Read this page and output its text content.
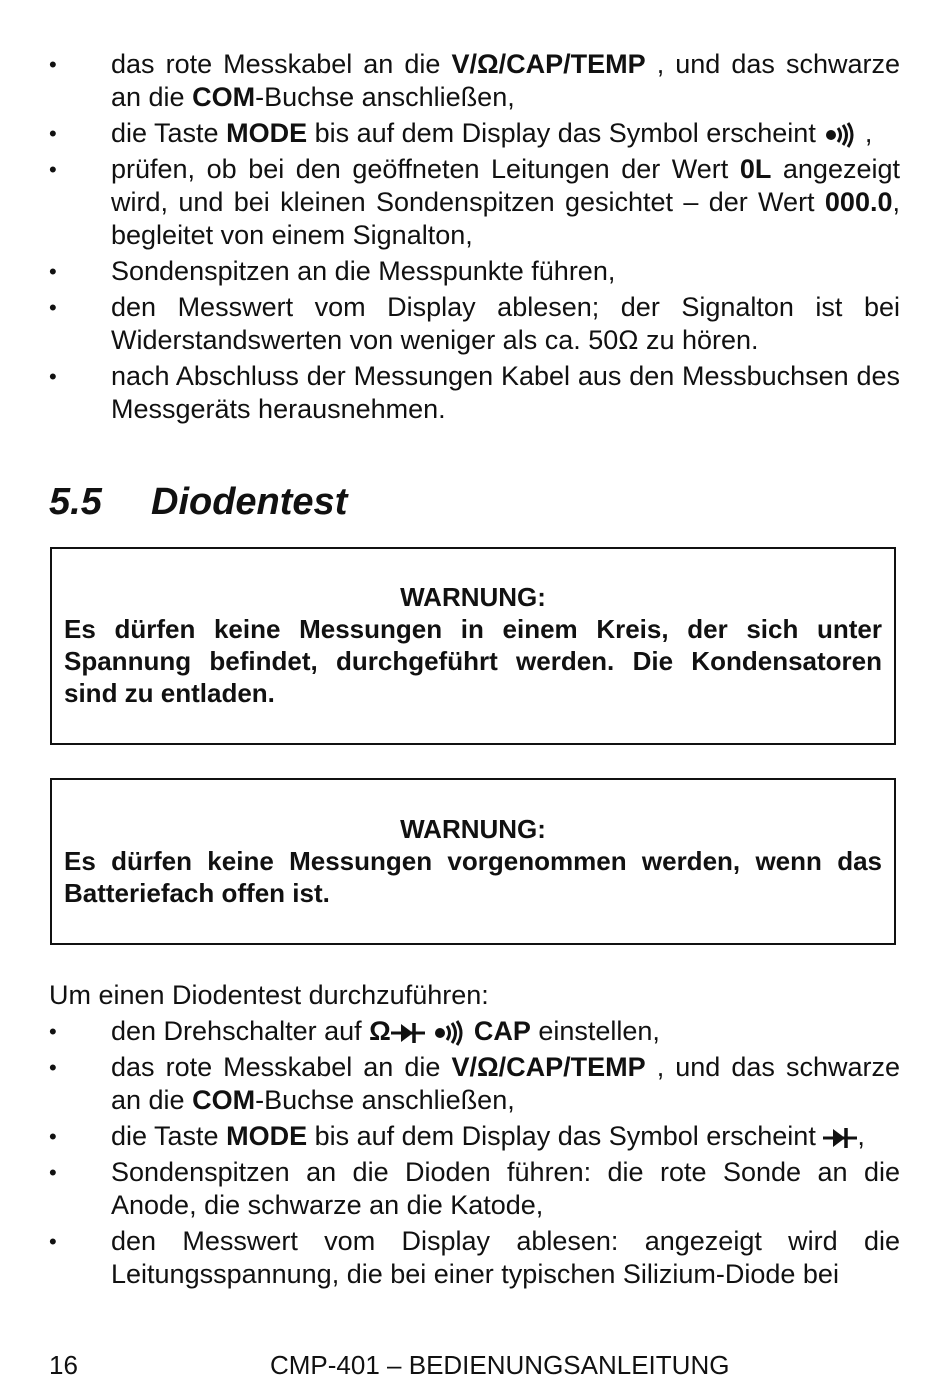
• das rote Messkabel an die V/Ω/CAP/TEMP , und das schwarze an die COM-Buchse anschließen,
• die Taste MODE bis auf dem Display das Symbol erscheint  ,
• prüfen, ob bei den geöffneten Leitungen der Wert 0L angezeigt wird, und bei kleinen Sondenspitzen gesichtet – der Wert 000.0, begleitet von einem Signalton,
• Sondenspitzen an die Messpunkte führen,
• den Messwert vom Display ablesen; der Signalton ist bei Widerstandswerten von weniger als ca. 50Ω zu hören.
• nach Abschluss der Messungen Kabel aus den Messbuchsen des Messgeräts herausnehmen.
5.5 Diodentest
WARNUNG:
Es dürfen keine Messungen in einem Kreis, der sich unter Spannung befindet, durchgeführt werden. Die Kondensatoren sind zu entladen.
WARNUNG:
Es dürfen keine Messungen vorgenommen werden, wenn das Batteriefach offen ist.
Um einen Diodentest durchzuführen:
• den Drehschalter auf Ω	CAP einstellen,
• das rote Messkabel an die V/Ω/CAP/TEMP , und das schwarze an die COM-Buchse anschließen,
• die Taste MODE bis auf dem Display das Symbol erscheint ,
• Sondenspitzen an die Dioden führen: die rote Sonde an die Anode, die schwarze an die Katode,
• den Messwert vom Display ablesen: angezeigt wird die Leitungsspannung, die bei einer typischen Silizium-Diode bei
16	CMP-401 – BEDIENUNGSANLEITUNG
